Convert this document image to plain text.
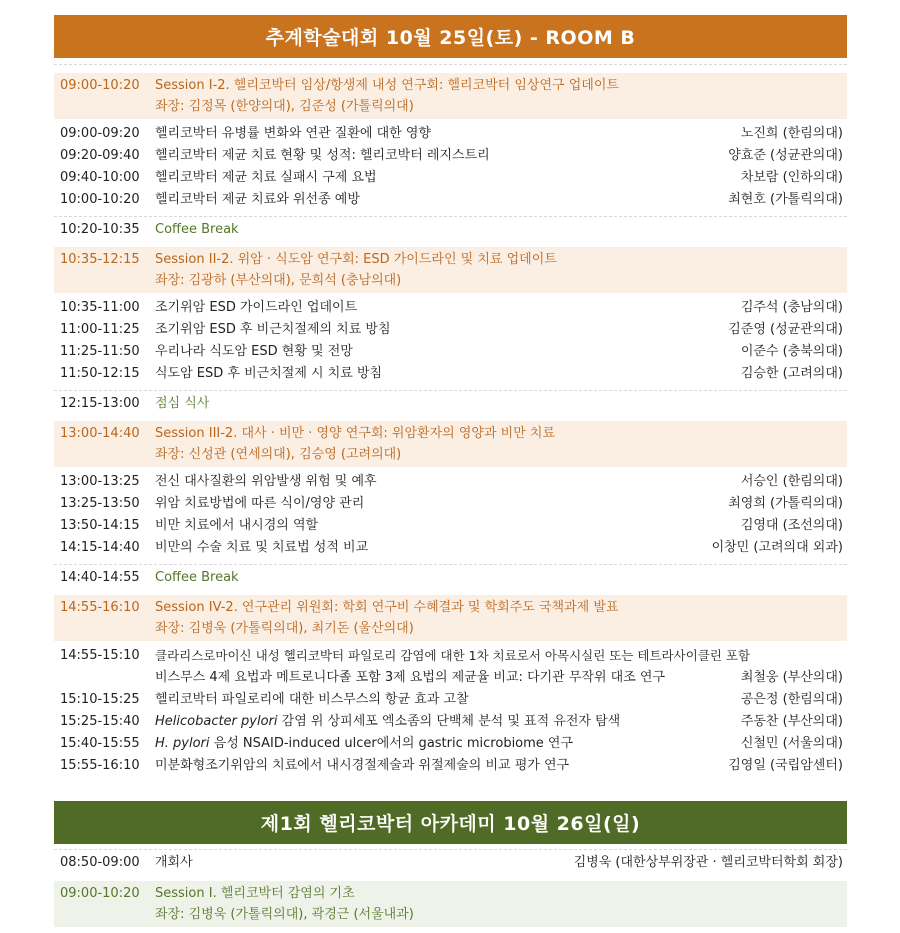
추계학술대회 10월 25일(토) - ROOM B
09:00-10:20 Session I-2. 헬리코박터 임상/항생제 내성 연구회: 헬리코박터 임상연구 업데이트
좌장: 김정목 (한양의대), 김준성 (가톨릭의대)
09:00-09:20 헬리코박터 유병률 변화와 연관 질환에 대한 영향	노진희 (한림의대)
09:20-09:40 헬리코박터 제균 치료 현황 및 성적: 헬리코박터 레지스트리	양효준 (성균관의대)
09:40-10:00 헬리코박터 제균 치료 실패시 구제 요법	차보람 (인하의대)
10:00-10:20 헬리코박터 제균 치료와 위선종 예방	최현호 (가톨릭의대)
10:20-10:35 Coffee Break
10:35-12:15 Session II-2. 위암 · 식도암 연구회: ESD 가이드라인 및 치료 업데이트
좌장: 김광하 (부산의대), 문희석 (충남의대)
10:35-11:00 조기위암 ESD 가이드라인 업데이트	김주석 (충남의대)
11:00-11:25 조기위암 ESD 후 비근치절제의 치료 방침	김준영 (성균관의대)
11:25-11:50 우리나라 식도암 ESD 현황 및 전망	이준수 (충북의대)
11:50-12:15 식도암 ESD 후 비근치절제 시 치료 방침	김승한 (고려의대)
12:15-13:00 점심 식사
13:00-14:40 Session III-2. 대사 · 비만 · 영양 연구회: 위암환자의 영양과 비만 치료
좌장: 신성관 (연세의대), 김승영 (고려의대)
13:00-13:25 전신 대사질환의 위암발생 위험 및 예후	서승인 (한림의대)
13:25-13:50 위암 치료방법에 따른 식이/영양 관리	최영희 (가톨릭의대)
13:50-14:15 비만 치료에서 내시경의 역할	김영대 (조선의대)
14:15-14:40 비만의 수술 치료 및 치료법 성적 비교	이창민 (고려의대 외과)
14:40-14:55 Coffee Break
14:55-16:10 Session IV-2. 연구관리 위원회: 학회 연구비 수혜결과 및 학회주도 국책과제 발표
좌장: 김병욱 (가톨릭의대), 최기돈 (울산의대)
14:55-15:10 클라리스로마이신 내성 헬리코박터 파일로리 감염에 대한 1차 치료로서 아목시실린 또는 테트라사이클린 포함
비스무스 4제 요법과 메트로니다졸 포함 3제 요법의 제균율 비교: 다기관 무작위 대조 연구	최철웅 (부산의대)
15:10-15:25 헬리코박터 파일로리에 대한 비스무스의 항균 효과 고찰	공은정 (한림의대)
15:25-15:40 Helicobacter pylori 감염 위 상피세포 엑소좀의 단백체 분석 및 표적 유전자 탐색	주동찬 (부산의대)
15:40-15:55 H. pylori 음성 NSAID-induced ulcer에서의 gastric microbiome 연구	신철민 (서울의대)
15:55-16:10 미분화형조기위암의 치료에서 내시경절제술과 위절제술의 비교 평가 연구	김영일 (국립암센터)
제1회 헬리코박터 아카데미 10월 26일(일)
08:50-09:00 개회사	김병욱 (대한상부위장관 · 헬리코박터학회 회장)
09:00-10:20 Session I. 헬리코박터 감염의 기초
좌장: 김병욱 (가톨릭의대), 곽경근 (서울내과)
